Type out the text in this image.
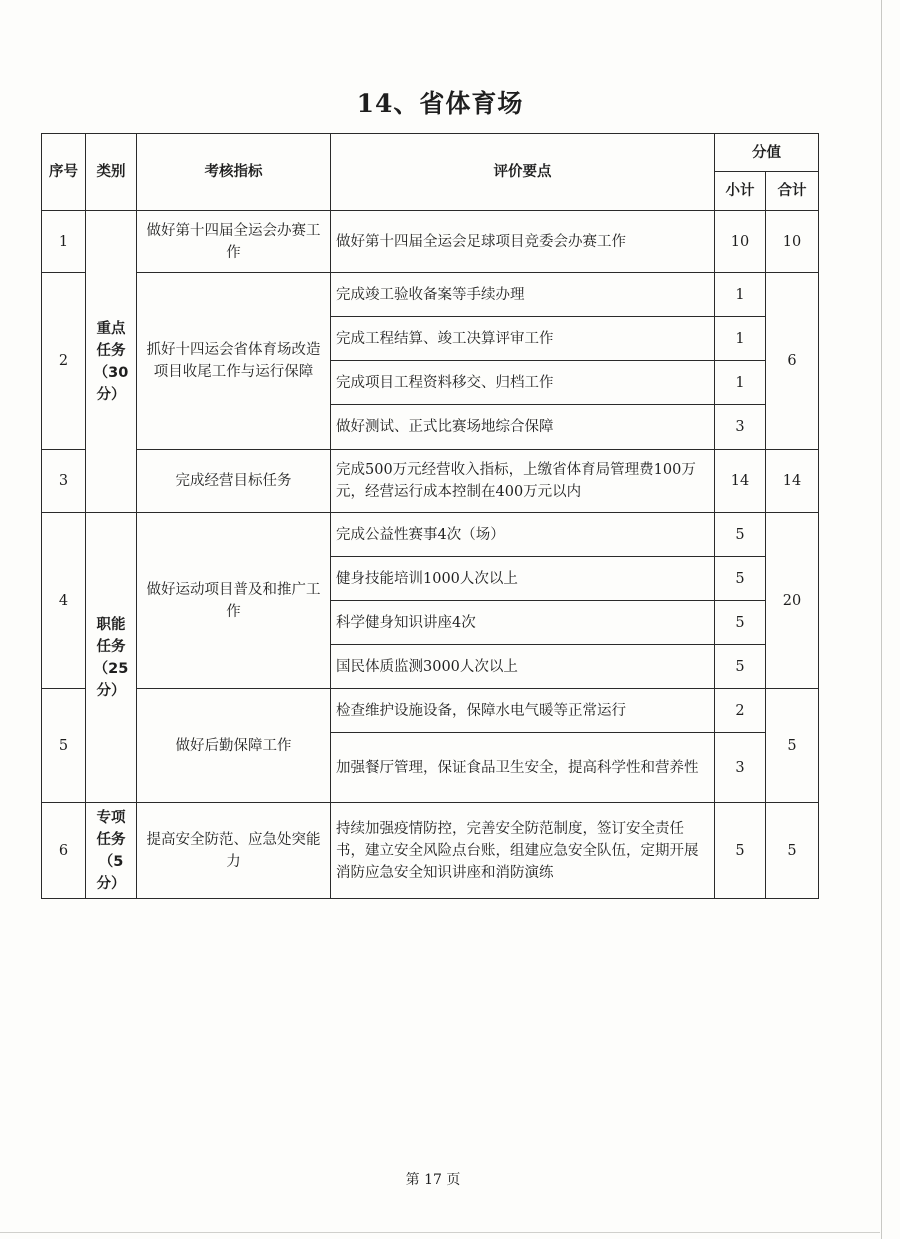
14、省体育场
序号	类别	考核指标	评价要点	分值	
				小计	合计
1	重点任务（30分）	做好第十四届全运会办赛工作	做好第十四届全运会足球项目竞委会办赛工作	10	10
2		抓好十四运会省体育场改造项目收尾工作与运行保障	完成竣工验收备案等手续办理	1	6
			完成工程结算、竣工决算评审工作	1	
			完成项目工程资料移交、归档工作	1	
			做好测试、正式比赛场地综合保障	3	
3		完成经营目标任务	完成500万元经营收入指标，上缴省体育局管理费100万元，经营运行成本控制在400万元以内	14	14
4	职能任务（25分）	做好运动项目普及和推广工作	完成公益性赛事4次（场）	5	20
			健身技能培训1000人次以上	5	
			科学健身知识讲座4次	5	
			国民体质监测3000人次以上	5	
5		做好后勤保障工作	检查维护设施设备，保障水电气暖等正常运行	2	5
			加强餐厅管理，保证食品卫生安全，提高科学性和营养性	3	
6	专项任务（5分）	提高安全防范、应急处突能力	持续加强疫情防控，完善安全防范制度，签订安全责任书，建立安全风险点台账，组建应急安全队伍，定期开展消防应急安全知识讲座和消防演练	5	5
第 17 页
